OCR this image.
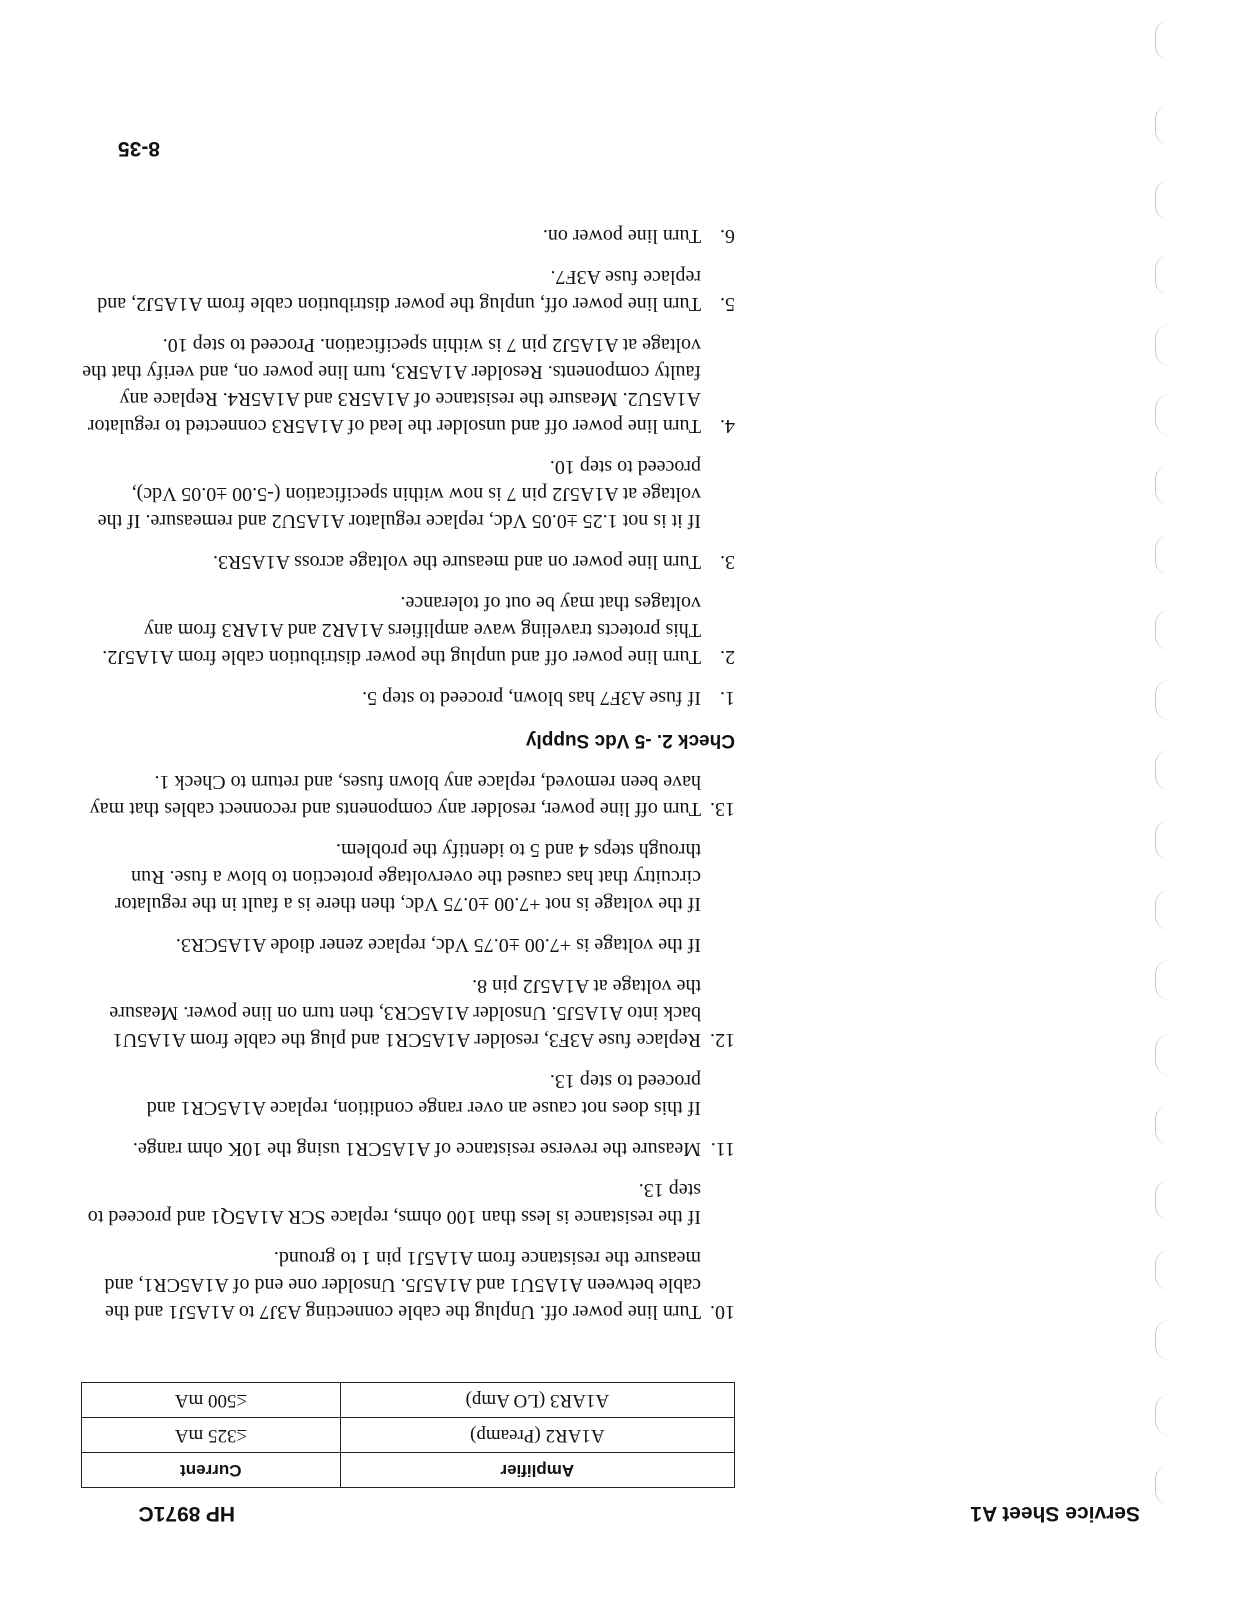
Service Sheet A1
HP 8971C
Amplifier	Current
A1AR2 (Preamp)	≤325 mA
A1AR3 (LO Amp)	≤500 mA
10.

Turn line power off. Unplug the cable connecting A3J7 to A1A5J1 and the cable between A1A5U1 and A1A5J5. Unsolder one end of A1A5CR1, and measure the resistance from A1A5J1 pin 1 to ground.

If the resistance is less than 100 ohms, replace SCR A1A5Q1 and proceed to step 13.

11.

Measure the reverse resistance of A1A5CR1 using the 10K ohm range.

If this does not cause an over range condition, replace A1A5CR1 and proceed to step 13.

12.

Replace fuse A3F3, resolder A1A5CR1 and plug the cable from A1A5U1 back into A1A5J5. Unsolder A1A5CR3, then turn on line power. Measure the voltage at A1A5J2 pin 8.

If the voltage is +7.00 ±0.75 Vdc, replace zener diode A1A5CR3.

If the voltage is not +7.00 ±0.75 Vdc, then there is a fault in the regulator circuitry that has caused the overvoltage protection to blow a fuse. Run through steps 4 and 5 to identify the problem.

13.

Turn off line power, resolder any components and reconnect cables that may have been removed, replace any blown fuses, and return to Check 1.

Check 2. -5 Vdc Supply
1.

If fuse A3F7 has blown, proceed to step 5.

2.

Turn line power off and unplug the power distribution cable from A1A5J2. This protects traveling wave amplifiers A1AR2 and A1AR3 from any voltages that may be out of tolerance.

3.

Turn line power on and measure the voltage across A1A5R3.

If it is not 1.25 ±0.05 Vdc, replace regulator A1A5U2 and remeasure. If the voltage at A1A5J2 pin 7 is now within specification (-5.00 ±0.05 Vdc), proceed to step 10.

4.

Turn line power off and unsolder the lead of A1A5R3 connected to regulator A1A5U2. Measure the resistance of A1A5R3 and A1A5R4. Replace any faulty components. Resolder A1A5R3, turn line power on, and verify that the voltage at A1A5J2 pin 7 is within specification. Proceed to step 10.

5.

Turn line power off, unplug the power distribution cable from A1A5J2, and replace fuse A3F7.

6.

Turn line power on.

8-35
